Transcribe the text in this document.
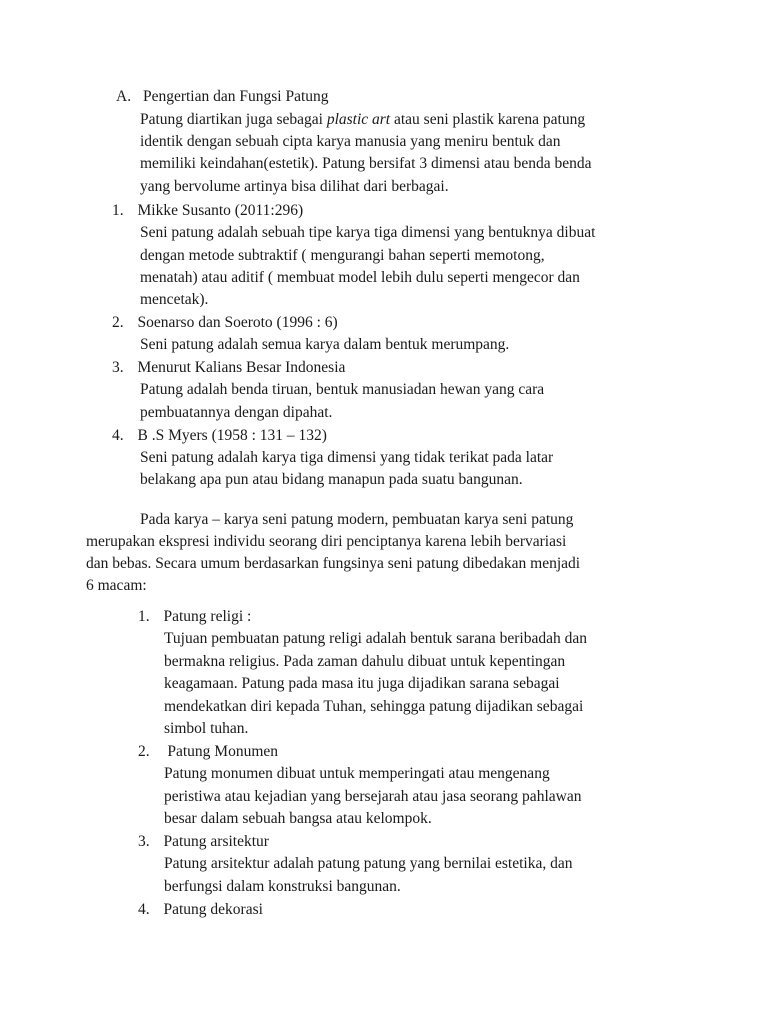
A. Pengertian dan Fungsi Patung
Patung diartikan juga sebagai plastic art atau seni plastik karena patung
identik dengan sebuah cipta karya manusia yang meniru bentuk dan
memiliki keindahan(estetik). Patung bersifat 3 dimensi atau benda benda
yang bervolume artinya bisa dilihat dari berbagai.
1. Mikke Susanto (2011:296)
Seni patung adalah sebuah tipe karya tiga dimensi yang bentuknya dibuat
dengan metode subtraktif ( mengurangi bahan seperti memotong,
menatah) atau aditif ( membuat model lebih dulu seperti mengecor dan
mencetak).
2. Soenarso dan Soeroto (1996 : 6)
Seni patung adalah semua karya dalam bentuk merumpang.
3. Menurut Kalians Besar Indonesia
Patung adalah benda tiruan, bentuk manusiadan hewan yang cara
pembuatannya dengan dipahat.
4. B .S Myers (1958 : 131 – 132)
Seni patung adalah karya tiga dimensi yang tidak terikat pada latar
belakang apa pun atau bidang manapun pada suatu bangunan.
Pada karya – karya seni patung modern, pembuatan karya seni patung
merupakan ekspresi individu seorang diri penciptanya karena lebih bervariasi
dan bebas. Secara umum berdasarkan fungsinya seni patung dibedakan menjadi
6 macam:
1. Patung religi :
Tujuan pembuatan patung religi adalah bentuk sarana beribadah dan
bermakna religius. Pada zaman dahulu dibuat untuk kepentingan
keagamaan. Patung pada masa itu juga dijadikan sarana sebagai
mendekatkan diri kepada Tuhan, sehingga patung dijadikan sebagai
simbol tuhan.
2.  Patung Monumen
Patung monumen dibuat untuk memperingati atau mengenang
peristiwa atau kejadian yang bersejarah atau jasa seorang pahlawan
besar dalam sebuah bangsa atau kelompok.
3. Patung arsitektur
Patung arsitektur adalah patung patung yang bernilai estetika, dan
berfungsi dalam konstruksi bangunan.
4. Patung dekorasi
